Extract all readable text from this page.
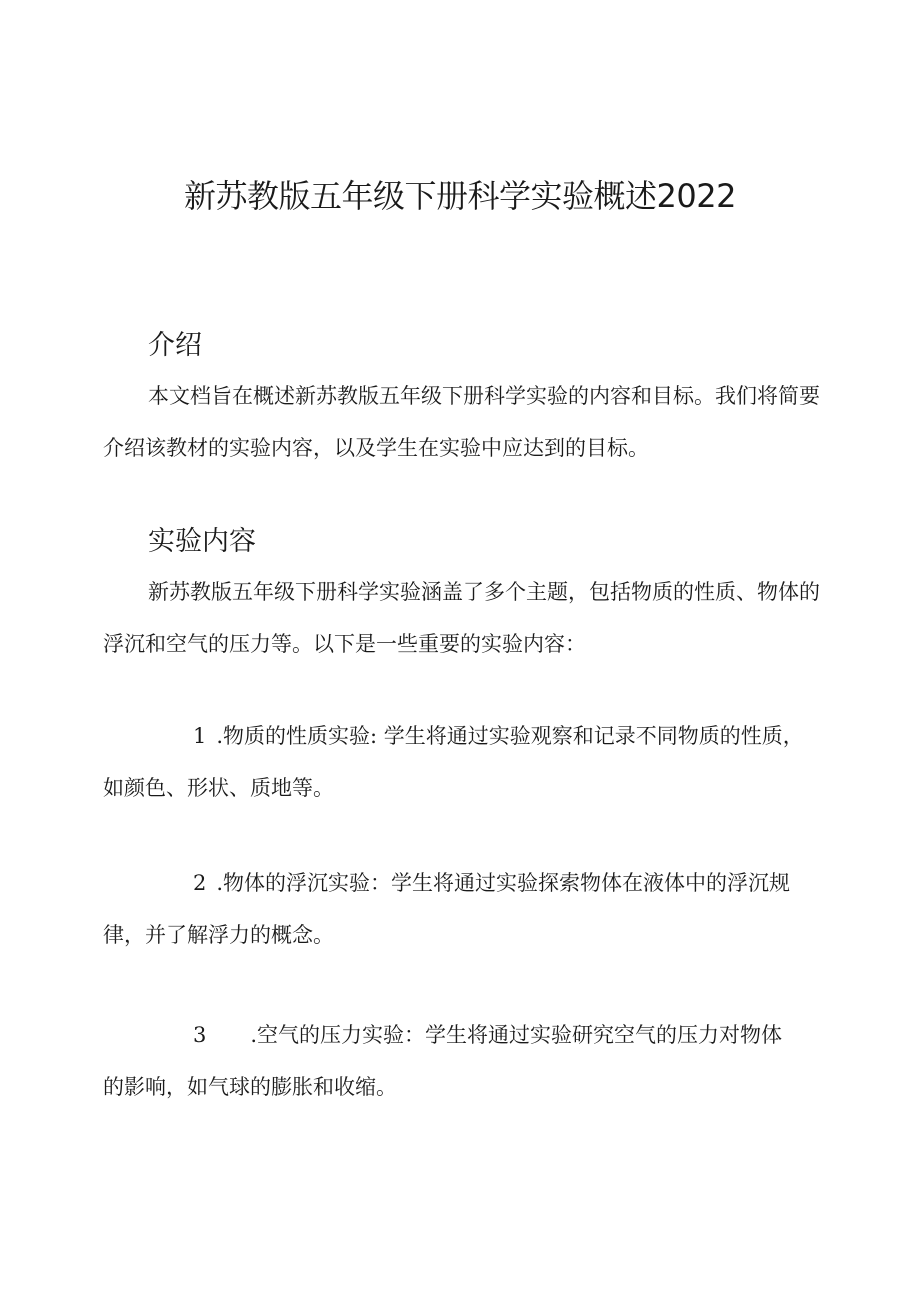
新苏教版五年级下册科学实验概述2022
介绍

本文档旨在概述新苏教版五年级下册科学实验的内容和目标。我们将简要介绍该教材的实验内容，以及学生在实验中应达到的目标。

实验内容

新苏教版五年级下册科学实验涵盖了多个主题，包括物质的性质、物体的浮沉和空气的压力等。以下是一些重要的实验内容：

1 .物质的性质实验: 学生将通过实验观察和记录不同物质的性质，如颜色、形状、质地等。

2 .物体的浮沉实验：学生将通过实验探索物体在液体中的浮沉规律，并了解浮力的概念。

3 .空气的压力实验：学生将通过实验研究空气的压力对物体的影响，如气球的膨胀和收缩。
